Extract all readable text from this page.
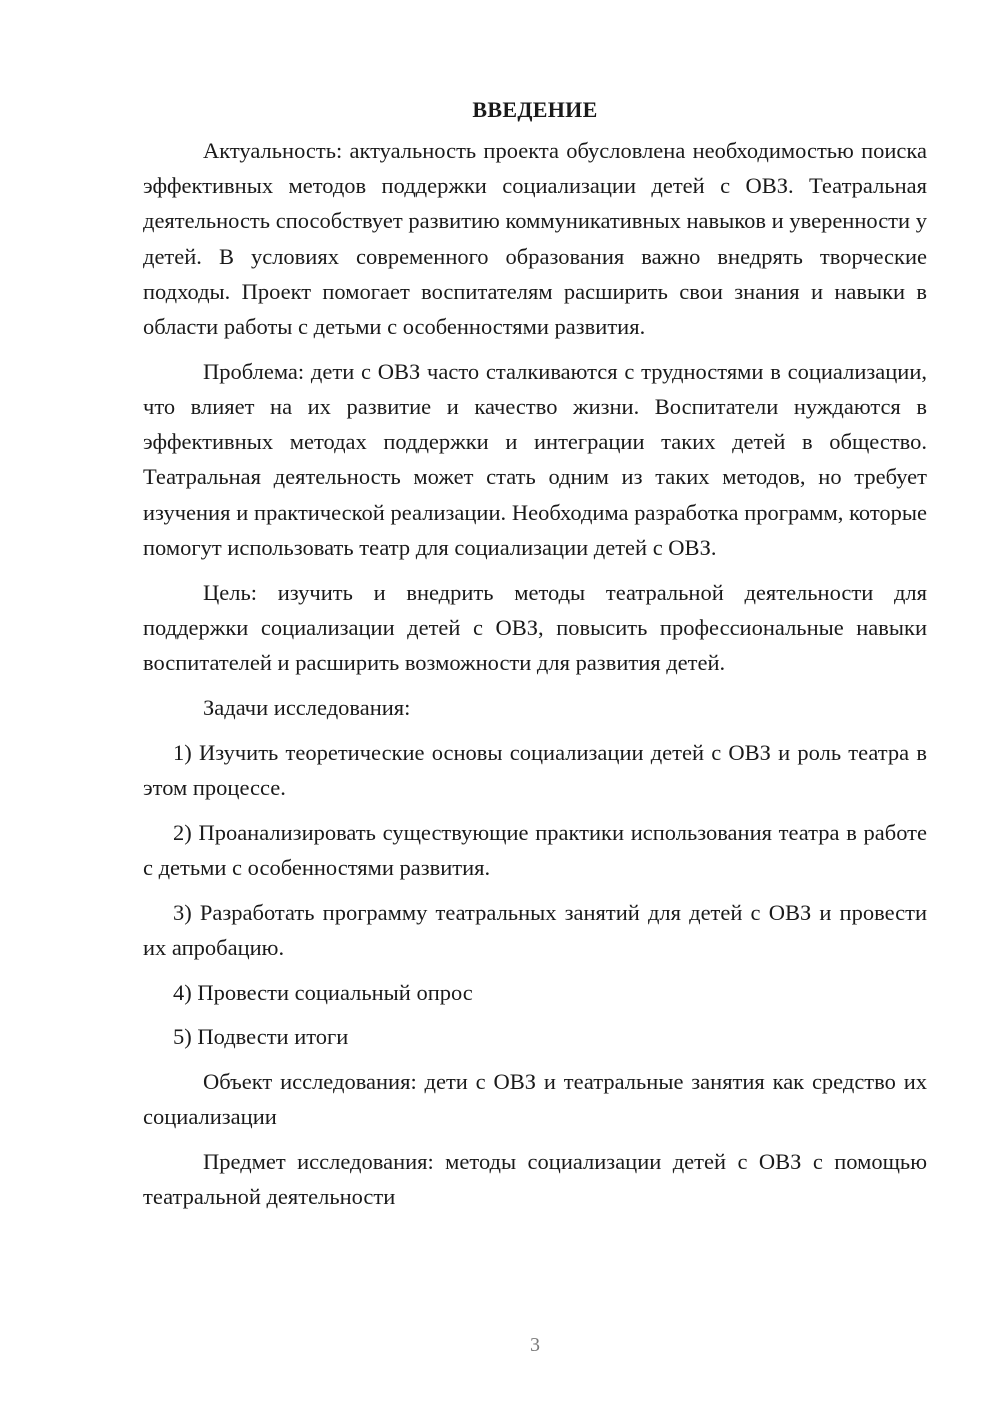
ВВЕДЕНИЕ

Актуальность: актуальность проекта обусловлена необходимостью поиска эффективных методов поддержки социализации детей с ОВЗ. Театральная деятельность способствует развитию коммуникативных навыков и уверенности у детей. В условиях современного образования важно внедрять творческие подходы. Проект помогает воспитателям расширить свои знания и навыки в области работы с детьми с особенностями развития.

Проблема: дети с ОВЗ часто сталкиваются с трудностями в социализации, что влияет на их развитие и качество жизни. Воспитатели нуждаются в эффективных методах поддержки и интеграции таких детей в общество. Театральная деятельность может стать одним из таких методов, но требует изучения и практической реализации. Необходима разработка программ, которые помогут использовать театр для социализации детей с ОВЗ.

Цель: изучить и внедрить методы театральной деятельности для поддержки социализации детей с ОВЗ, повысить профессиональные навыки воспитателей и расширить возможности для развития детей.

Задачи исследования:

1) Изучить теоретические основы социализации детей с ОВЗ и роль театра в этом процессе.

2) Проанализировать существующие практики использования театра в работе с детьми с особенностями развития.

3) Разработать программу театральных занятий для детей с ОВЗ и провести их апробацию.

4) Провести социальный опрос

5) Подвести итоги

Объект исследования: дети с ОВЗ и театральные занятия как средство их социализации

Предмет исследования: методы социализации детей с ОВЗ с помощью театральной деятельности

3
